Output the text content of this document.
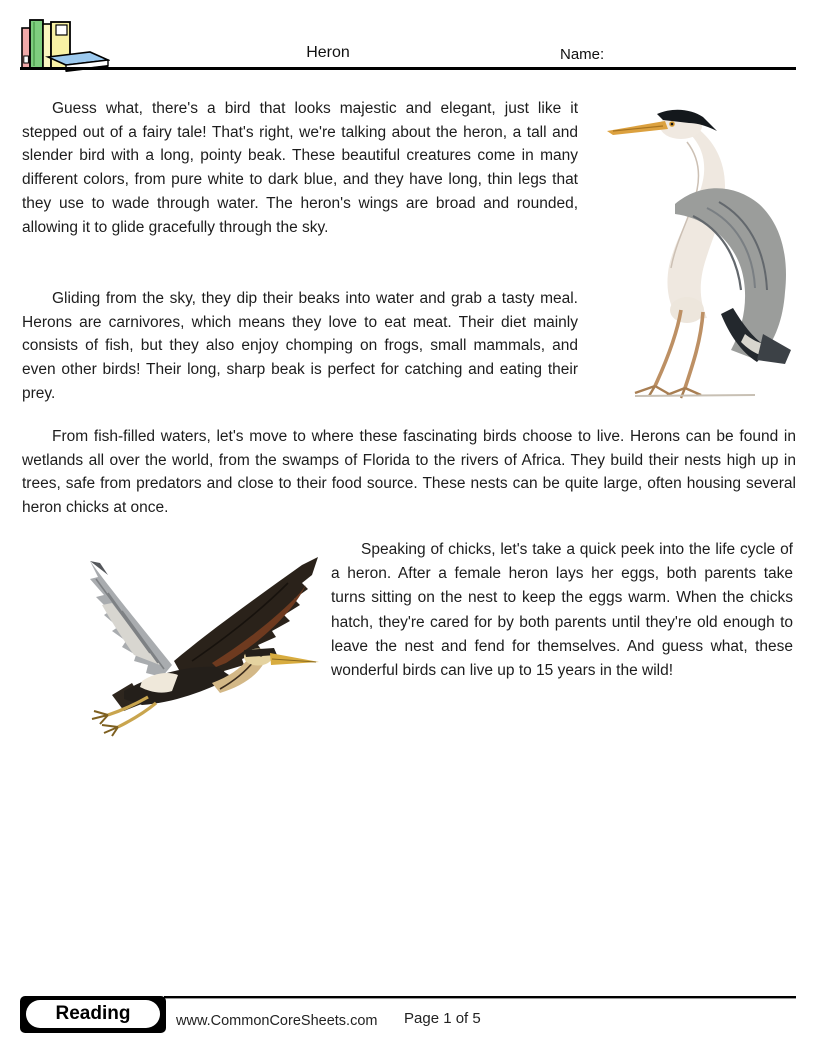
Heron	Name:

Guess what, there's a bird that looks majestic and elegant, just like it stepped out of a fairy tale! That's right, we're talking about the heron, a tall and slender bird with a long, pointy beak. These beautiful creatures come in many different colors, from pure white to dark blue, and they have long, thin legs that they use to wade through water. The heron's wings are broad and rounded, allowing it to glide gracefully through the sky.

Gliding from the sky, they dip their beaks into water and grab a tasty meal. Herons are carnivores, which means they love to eat meat. Their diet mainly consists of fish, but they also enjoy chomping on frogs, small mammals, and even other birds! Their long, sharp beak is perfect for catching and eating their prey.

From fish-filled waters, let's move to where these fascinating birds choose to live. Herons can be found in wetlands all over the world, from the swamps of Florida to the rivers of Africa. They build their nests high up in trees, safe from predators and close to their food source. These nests can be quite large, often housing several heron chicks at once.

Speaking of chicks, let's take a quick peek into the life cycle of a heron. After a female heron lays her eggs, both parents take turns sitting on the nest to keep the eggs warm. When the chicks hatch, they're cared for by both parents until they're old enough to leave the nest and fend for themselves. And guess what, these wonderful birds can live up to 15 years in the wild!

Reading	www.CommonCoreSheets.com Page 1 of 5
